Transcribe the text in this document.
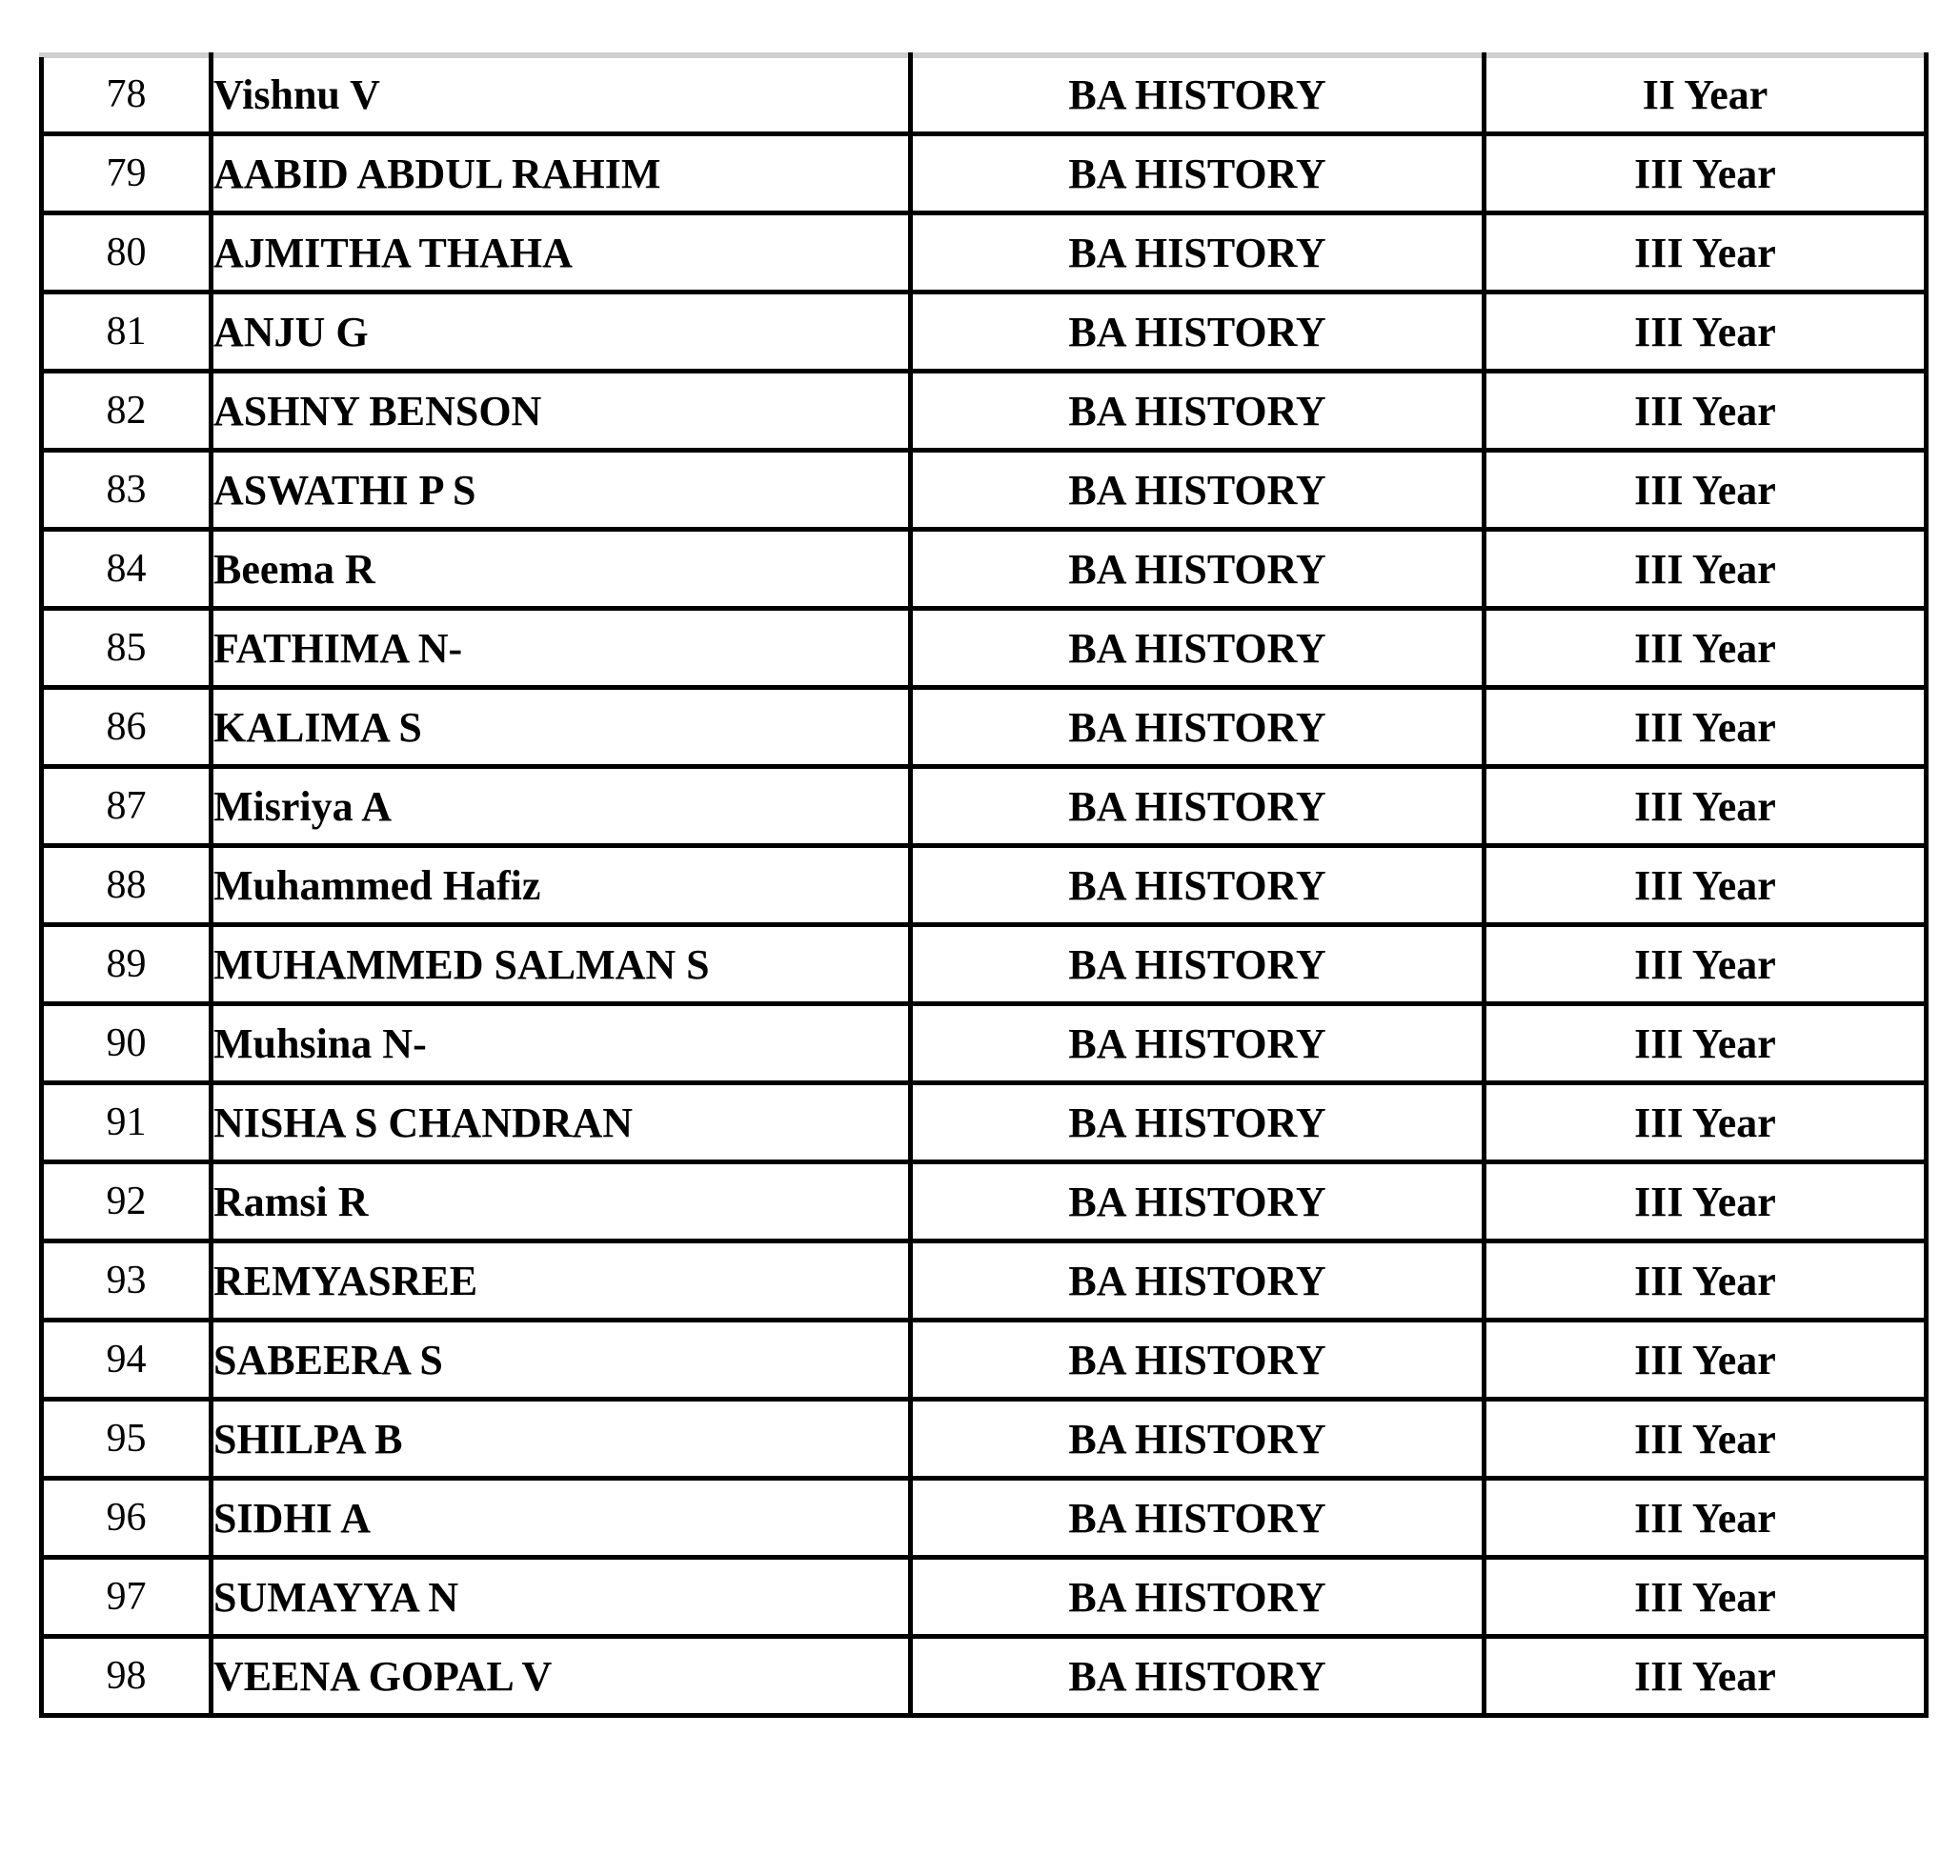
78	Vishnu V	BA HISTORY	II Year
79	AABID ABDUL RAHIM	BA HISTORY	III Year
80	AJMITHA THAHA	BA HISTORY	III Year
81	ANJU G	BA HISTORY	III Year
82	ASHNY BENSON	BA HISTORY	III Year
83	ASWATHI P S	BA HISTORY	III Year
84	Beema R	BA HISTORY	III Year
85	FATHIMA N-	BA HISTORY	III Year
86	KALIMA S	BA HISTORY	III Year
87	Misriya A	BA HISTORY	III Year
88	Muhammed Hafiz	BA HISTORY	III Year
89	MUHAMMED SALMAN S	BA HISTORY	III Year
90	Muhsina N-	BA HISTORY	III Year
91	NISHA S CHANDRAN	BA HISTORY	III Year
92	Ramsi R	BA HISTORY	III Year
93	REMYASREE	BA HISTORY	III Year
94	SABEERA S	BA HISTORY	III Year
95	SHILPA B	BA HISTORY	III Year
96	SIDHI A	BA HISTORY	III Year
97	SUMAYYA N	BA HISTORY	III Year
98	VEENA GOPAL V	BA HISTORY	III Year
